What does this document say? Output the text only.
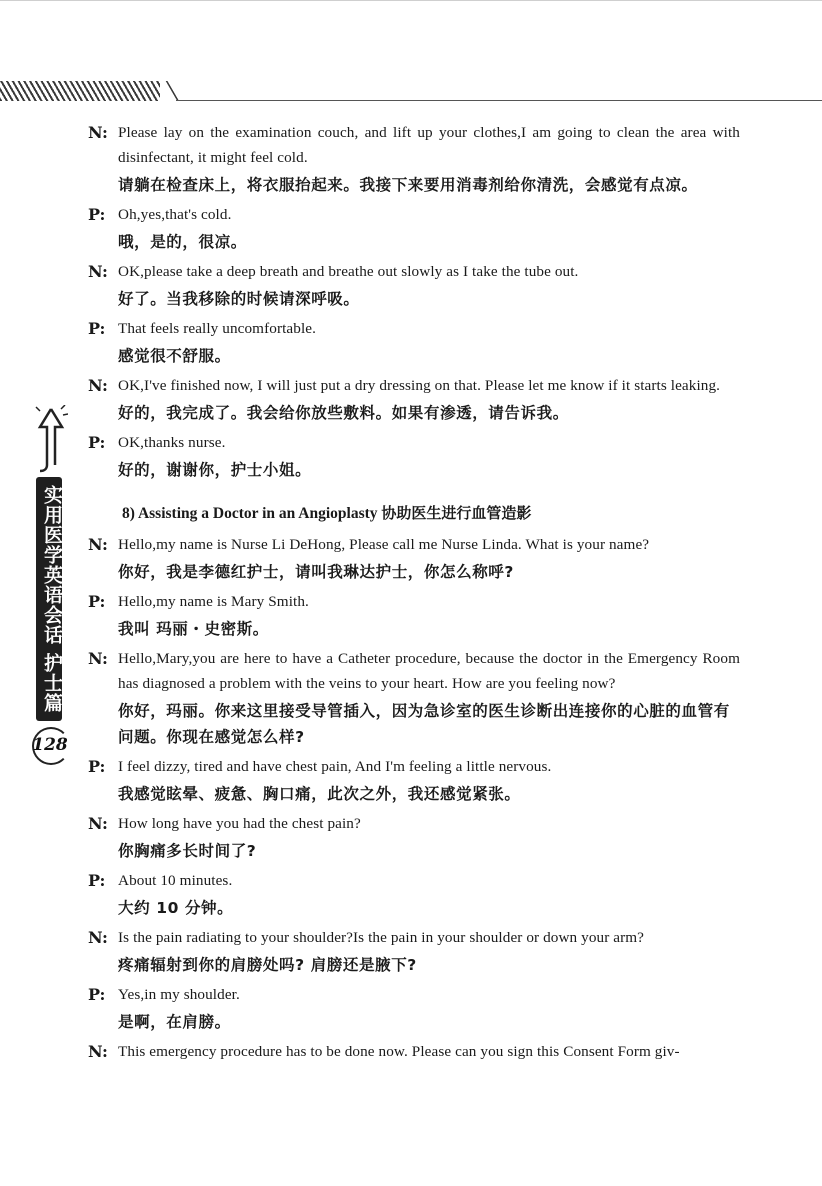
实用医学英语会话 护士篇
128
N: Please lay on the examination couch, and lift up your clothes,I am going to clean the area with disinfectant, it might feel cold.
请躺在检查床上，将衣服抬起来。我接下来要用消毒剂给你清洗，会感觉有点凉。
P: Oh,yes,that's cold.
哦，是的，很凉。
N: OK,please take a deep breath and breathe out slowly as I take the tube out.
好了。当我移除的时候请深呼吸。
P: That feels really uncomfortable.
感觉很不舒服。
N: OK,I've finished now, I will just put a dry dressing on that. Please let me know if it starts leaking.
好的，我完成了。我会给你放些敷料。如果有渗透，请告诉我。
P: OK,thanks nurse.
好的，谢谢你，护士小姐。
8) Assisting a Doctor in an Angioplasty 协助医生进行血管造影
N: Hello,my name is Nurse Li DeHong, Please call me Nurse Linda. What is your name?
你好，我是李德红护士，请叫我琳达护士，你怎么称呼?
P: Hello,my name is Mary Smith.
我叫 玛丽・史密斯。
N: Hello,Mary,you are here to have a Catheter procedure, because the doctor in the Emergency Room has diagnosed a problem with the veins to your heart. How are you feeling now?
你好，玛丽。你来这里接受导管插入，因为急诊室的医生诊断出连接你的心脏的血管有问题。你现在感觉怎么样?
P: I feel dizzy, tired and have chest pain, And I'm feeling a little nervous.
我感觉眩晕、疲惫、胸口痛，此次之外，我还感觉紧张。
N: How long have you had the chest pain?
你胸痛多长时间了?
P: About 10 minutes.
大约 10 分钟。
N: Is the pain radiating to your shoulder?Is the pain in your shoulder or down your arm?
疼痛辐射到你的肩膀处吗? 肩膀还是腋下?
P: Yes,in my shoulder.
是啊，在肩膀。
N: This emergency procedure has to be done now. Please can you sign this Consent Form giv-
